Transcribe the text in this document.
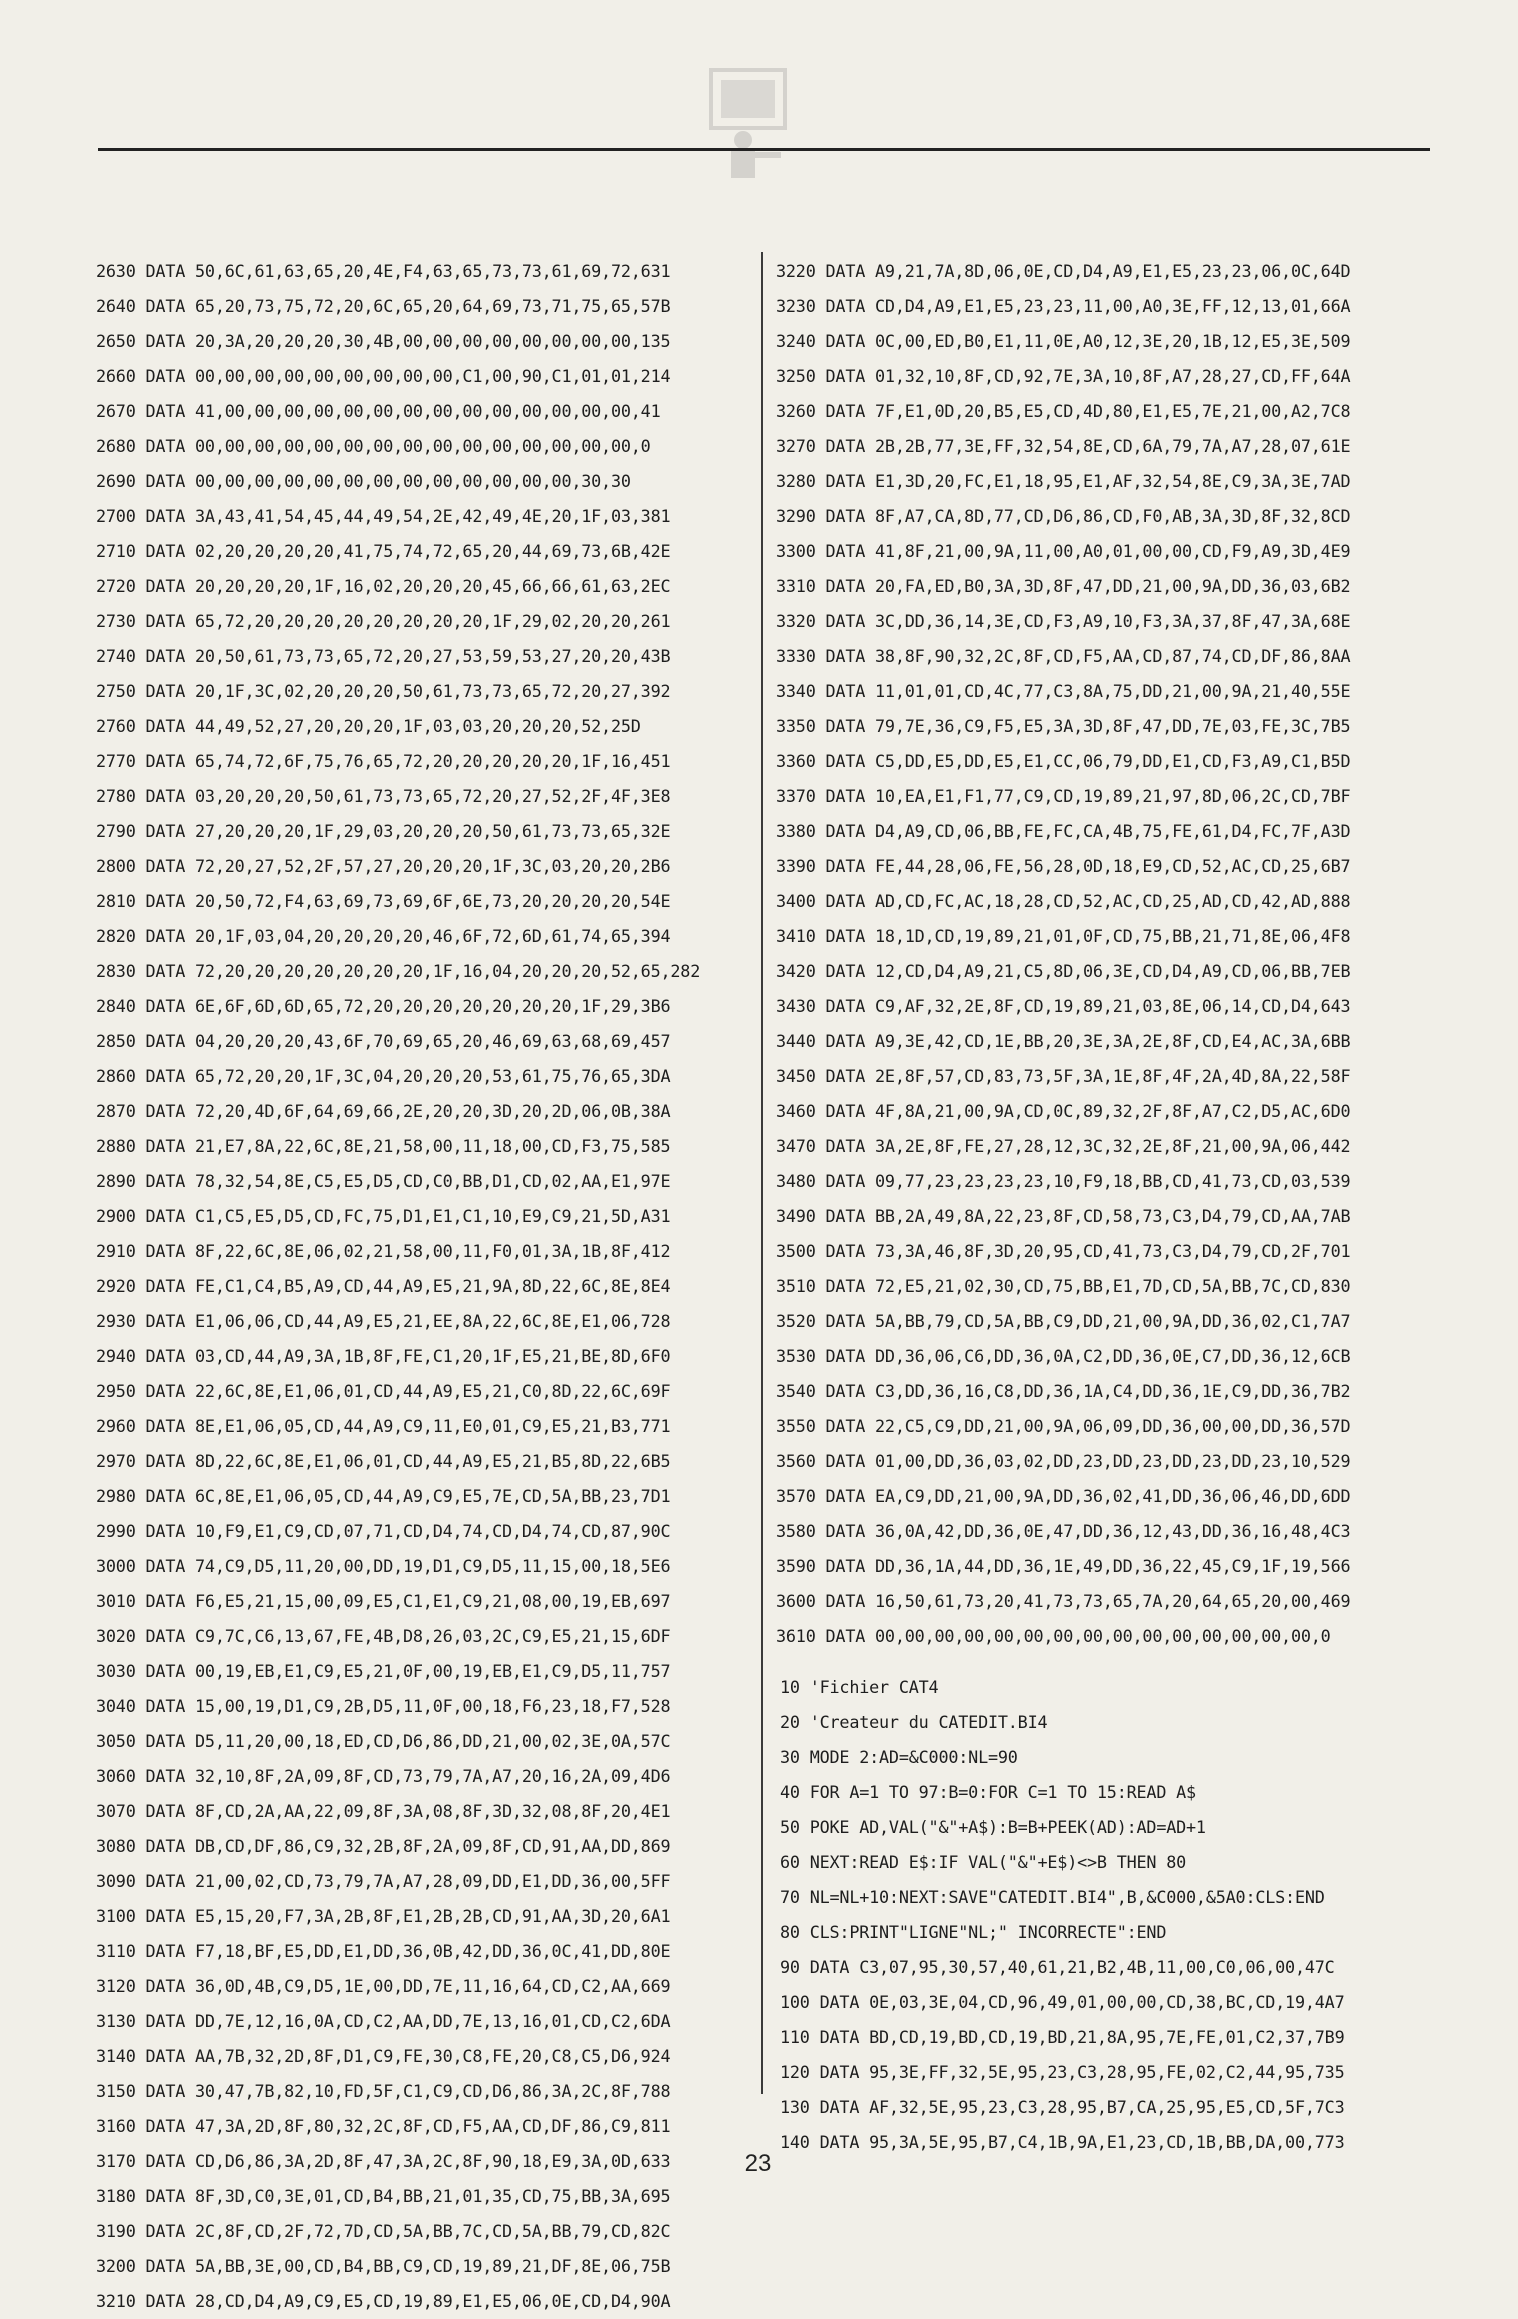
2630 DATA 50,6C,61,63,65,20,4E,F4,63,65,73,73,61,69,72,631
2640 DATA 65,20,73,75,72,20,6C,65,20,64,69,73,71,75,65,57B
2650 DATA 20,3A,20,20,20,30,4B,00,00,00,00,00,00,00,00,135
2660 DATA 00,00,00,00,00,00,00,00,00,C1,00,90,C1,01,01,214
2670 DATA 41,00,00,00,00,00,00,00,00,00,00,00,00,00,00,41
2680 DATA 00,00,00,00,00,00,00,00,00,00,00,00,00,00,00,0
2690 DATA 00,00,00,00,00,00,00,00,00,00,00,00,00,30,30
2700 DATA 3A,43,41,54,45,44,49,54,2E,42,49,4E,20,1F,03,381
2710 DATA 02,20,20,20,20,41,75,74,72,65,20,44,69,73,6B,42E
2720 DATA 20,20,20,20,1F,16,02,20,20,20,45,66,66,61,63,2EC
2730 DATA 65,72,20,20,20,20,20,20,20,20,1F,29,02,20,20,261
2740 DATA 20,50,61,73,73,65,72,20,27,53,59,53,27,20,20,43B
2750 DATA 20,1F,3C,02,20,20,20,50,61,73,73,65,72,20,27,392
2760 DATA 44,49,52,27,20,20,20,1F,03,03,20,20,20,52,25D
2770 DATA 65,74,72,6F,75,76,65,72,20,20,20,20,20,1F,16,451
2780 DATA 03,20,20,20,50,61,73,73,65,72,20,27,52,2F,4F,3E8
2790 DATA 27,20,20,20,1F,29,03,20,20,20,50,61,73,73,65,32E
2800 DATA 72,20,27,52,2F,57,27,20,20,20,1F,3C,03,20,20,2B6
2810 DATA 20,50,72,F4,63,69,73,69,6F,6E,73,20,20,20,20,54E
2820 DATA 20,1F,03,04,20,20,20,20,46,6F,72,6D,61,74,65,394
2830 DATA 72,20,20,20,20,20,20,20,1F,16,04,20,20,20,52,65,282
2840 DATA 6E,6F,6D,6D,65,72,20,20,20,20,20,20,20,1F,29,3B6
2850 DATA 04,20,20,20,43,6F,70,69,65,20,46,69,63,68,69,457
2860 DATA 65,72,20,20,1F,3C,04,20,20,20,53,61,75,76,65,3DA
2870 DATA 72,20,4D,6F,64,69,66,2E,20,20,3D,20,2D,06,0B,38A
2880 DATA 21,E7,8A,22,6C,8E,21,58,00,11,18,00,CD,F3,75,585
2890 DATA 78,32,54,8E,C5,E5,D5,CD,C0,BB,D1,CD,02,AA,E1,97E
2900 DATA C1,C5,E5,D5,CD,FC,75,D1,E1,C1,10,E9,C9,21,5D,A31
2910 DATA 8F,22,6C,8E,06,02,21,58,00,11,F0,01,3A,1B,8F,412
2920 DATA FE,C1,C4,B5,A9,CD,44,A9,E5,21,9A,8D,22,6C,8E,8E4
2930 DATA E1,06,06,CD,44,A9,E5,21,EE,8A,22,6C,8E,E1,06,728
2940 DATA 03,CD,44,A9,3A,1B,8F,FE,C1,20,1F,E5,21,BE,8D,6F0
2950 DATA 22,6C,8E,E1,06,01,CD,44,A9,E5,21,C0,8D,22,6C,69F
2960 DATA 8E,E1,06,05,CD,44,A9,C9,11,E0,01,C9,E5,21,B3,771
2970 DATA 8D,22,6C,8E,E1,06,01,CD,44,A9,E5,21,B5,8D,22,6B5
2980 DATA 6C,8E,E1,06,05,CD,44,A9,C9,E5,7E,CD,5A,BB,23,7D1
2990 DATA 10,F9,E1,C9,CD,07,71,CD,D4,74,CD,D4,74,CD,87,90C
3000 DATA 74,C9,D5,11,20,00,DD,19,D1,C9,D5,11,15,00,18,5E6
3010 DATA F6,E5,21,15,00,09,E5,C1,E1,C9,21,08,00,19,EB,697
3020 DATA C9,7C,C6,13,67,FE,4B,D8,26,03,2C,C9,E5,21,15,6DF
3030 DATA 00,19,EB,E1,C9,E5,21,0F,00,19,EB,E1,C9,D5,11,757
3040 DATA 15,00,19,D1,C9,2B,D5,11,0F,00,18,F6,23,18,F7,528
3050 DATA D5,11,20,00,18,ED,CD,D6,86,DD,21,00,02,3E,0A,57C
3060 DATA 32,10,8F,2A,09,8F,CD,73,79,7A,A7,20,16,2A,09,4D6
3070 DATA 8F,CD,2A,AA,22,09,8F,3A,08,8F,3D,32,08,8F,20,4E1
3080 DATA DB,CD,DF,86,C9,32,2B,8F,2A,09,8F,CD,91,AA,DD,869
3090 DATA 21,00,02,CD,73,79,7A,A7,28,09,DD,E1,DD,36,00,5FF
3100 DATA E5,15,20,F7,3A,2B,8F,E1,2B,2B,CD,91,AA,3D,20,6A1
3110 DATA F7,18,BF,E5,DD,E1,DD,36,0B,42,DD,36,0C,41,DD,80E
3120 DATA 36,0D,4B,C9,D5,1E,00,DD,7E,11,16,64,CD,C2,AA,669
3130 DATA DD,7E,12,16,0A,CD,C2,AA,DD,7E,13,16,01,CD,C2,6DA
3140 DATA AA,7B,32,2D,8F,D1,C9,FE,30,C8,FE,20,C8,C5,D6,924
3150 DATA 30,47,7B,82,10,FD,5F,C1,C9,CD,D6,86,3A,2C,8F,788
3160 DATA 47,3A,2D,8F,80,32,2C,8F,CD,F5,AA,CD,DF,86,C9,811
3170 DATA CD,D6,86,3A,2D,8F,47,3A,2C,8F,90,18,E9,3A,0D,633
3180 DATA 8F,3D,C0,3E,01,CD,B4,BB,21,01,35,CD,75,BB,3A,695
3190 DATA 2C,8F,CD,2F,72,7D,CD,5A,BB,7C,CD,5A,BB,79,CD,82C
3200 DATA 5A,BB,3E,00,CD,B4,BB,C9,CD,19,89,21,DF,8E,06,75B
3210 DATA 28,CD,D4,A9,C9,E5,CD,19,89,E1,E5,06,0E,CD,D4,90A
3220 DATA A9,21,7A,8D,06,0E,CD,D4,A9,E1,E5,23,23,06,0C,64D
3230 DATA CD,D4,A9,E1,E5,23,23,11,00,A0,3E,FF,12,13,01,66A
3240 DATA 0C,00,ED,B0,E1,11,0E,A0,12,3E,20,1B,12,E5,3E,509
3250 DATA 01,32,10,8F,CD,92,7E,3A,10,8F,A7,28,27,CD,FF,64A
3260 DATA 7F,E1,0D,20,B5,E5,CD,4D,80,E1,E5,7E,21,00,A2,7C8
3270 DATA 2B,2B,77,3E,FF,32,54,8E,CD,6A,79,7A,A7,28,07,61E
3280 DATA E1,3D,20,FC,E1,18,95,E1,AF,32,54,8E,C9,3A,3E,7AD
3290 DATA 8F,A7,CA,8D,77,CD,D6,86,CD,F0,AB,3A,3D,8F,32,8CD
3300 DATA 41,8F,21,00,9A,11,00,A0,01,00,00,CD,F9,A9,3D,4E9
3310 DATA 20,FA,ED,B0,3A,3D,8F,47,DD,21,00,9A,DD,36,03,6B2
3320 DATA 3C,DD,36,14,3E,CD,F3,A9,10,F3,3A,37,8F,47,3A,68E
3330 DATA 38,8F,90,32,2C,8F,CD,F5,AA,CD,87,74,CD,DF,86,8AA
3340 DATA 11,01,01,CD,4C,77,C3,8A,75,DD,21,00,9A,21,40,55E
3350 DATA 79,7E,36,C9,F5,E5,3A,3D,8F,47,DD,7E,03,FE,3C,7B5
3360 DATA C5,DD,E5,DD,E5,E1,CC,06,79,DD,E1,CD,F3,A9,C1,B5D
3370 DATA 10,EA,E1,F1,77,C9,CD,19,89,21,97,8D,06,2C,CD,7BF
3380 DATA D4,A9,CD,06,BB,FE,FC,CA,4B,75,FE,61,D4,FC,7F,A3D
3390 DATA FE,44,28,06,FE,56,28,0D,18,E9,CD,52,AC,CD,25,6B7
3400 DATA AD,CD,FC,AC,18,28,CD,52,AC,CD,25,AD,CD,42,AD,888
3410 DATA 18,1D,CD,19,89,21,01,0F,CD,75,BB,21,71,8E,06,4F8
3420 DATA 12,CD,D4,A9,21,C5,8D,06,3E,CD,D4,A9,CD,06,BB,7EB
3430 DATA C9,AF,32,2E,8F,CD,19,89,21,03,8E,06,14,CD,D4,643
3440 DATA A9,3E,42,CD,1E,BB,20,3E,3A,2E,8F,CD,E4,AC,3A,6BB
3450 DATA 2E,8F,57,CD,83,73,5F,3A,1E,8F,4F,2A,4D,8A,22,58F
3460 DATA 4F,8A,21,00,9A,CD,0C,89,32,2F,8F,A7,C2,D5,AC,6D0
3470 DATA 3A,2E,8F,FE,27,28,12,3C,32,2E,8F,21,00,9A,06,442
3480 DATA 09,77,23,23,23,23,10,F9,18,BB,CD,41,73,CD,03,539
3490 DATA BB,2A,49,8A,22,23,8F,CD,58,73,C3,D4,79,CD,AA,7AB
3500 DATA 73,3A,46,8F,3D,20,95,CD,41,73,C3,D4,79,CD,2F,701
3510 DATA 72,E5,21,02,30,CD,75,BB,E1,7D,CD,5A,BB,7C,CD,830
3520 DATA 5A,BB,79,CD,5A,BB,C9,DD,21,00,9A,DD,36,02,C1,7A7
3530 DATA DD,36,06,C6,DD,36,0A,C2,DD,36,0E,C7,DD,36,12,6CB
3540 DATA C3,DD,36,16,C8,DD,36,1A,C4,DD,36,1E,C9,DD,36,7B2
3550 DATA 22,C5,C9,DD,21,00,9A,06,09,DD,36,00,00,DD,36,57D
3560 DATA 01,00,DD,36,03,02,DD,23,DD,23,DD,23,DD,23,10,529
3570 DATA EA,C9,DD,21,00,9A,DD,36,02,41,DD,36,06,46,DD,6DD
3580 DATA 36,0A,42,DD,36,0E,47,DD,36,12,43,DD,36,16,48,4C3
3590 DATA DD,36,1A,44,DD,36,1E,49,DD,36,22,45,C9,1F,19,566
3600 DATA 16,50,61,73,20,41,73,73,65,7A,20,64,65,20,00,469
3610 DATA 00,00,00,00,00,00,00,00,00,00,00,00,00,00,00,0
10 'Fichier CAT4
20 'Createur du CATEDIT.BI4
30 MODE 2:AD=&C000:NL=90
40 FOR A=1 TO 97:B=0:FOR C=1 TO 15:READ A$
50 POKE AD,VAL("&"+A$):B=B+PEEK(AD):AD=AD+1
60 NEXT:READ E$:IF VAL("&"+E$)<>B THEN 80
70 NL=NL+10:NEXT:SAVE"CATEDIT.BI4",B,&C000,&5A0:CLS:END
80 CLS:PRINT"LIGNE"NL;" INCORRECTE":END
90 DATA C3,07,95,30,57,40,61,21,B2,4B,11,00,C0,06,00,47C
100 DATA 0E,03,3E,04,CD,96,49,01,00,00,CD,38,BC,CD,19,4A7
110 DATA BD,CD,19,BD,CD,19,BD,21,8A,95,7E,FE,01,C2,37,7B9
120 DATA 95,3E,FF,32,5E,95,23,C3,28,95,FE,02,C2,44,95,735
130 DATA AF,32,5E,95,23,C3,28,95,B7,CA,25,95,E5,CD,5F,7C3
140 DATA 95,3A,5E,95,B7,C4,1B,9A,E1,23,CD,1B,BB,DA,00,773
23
